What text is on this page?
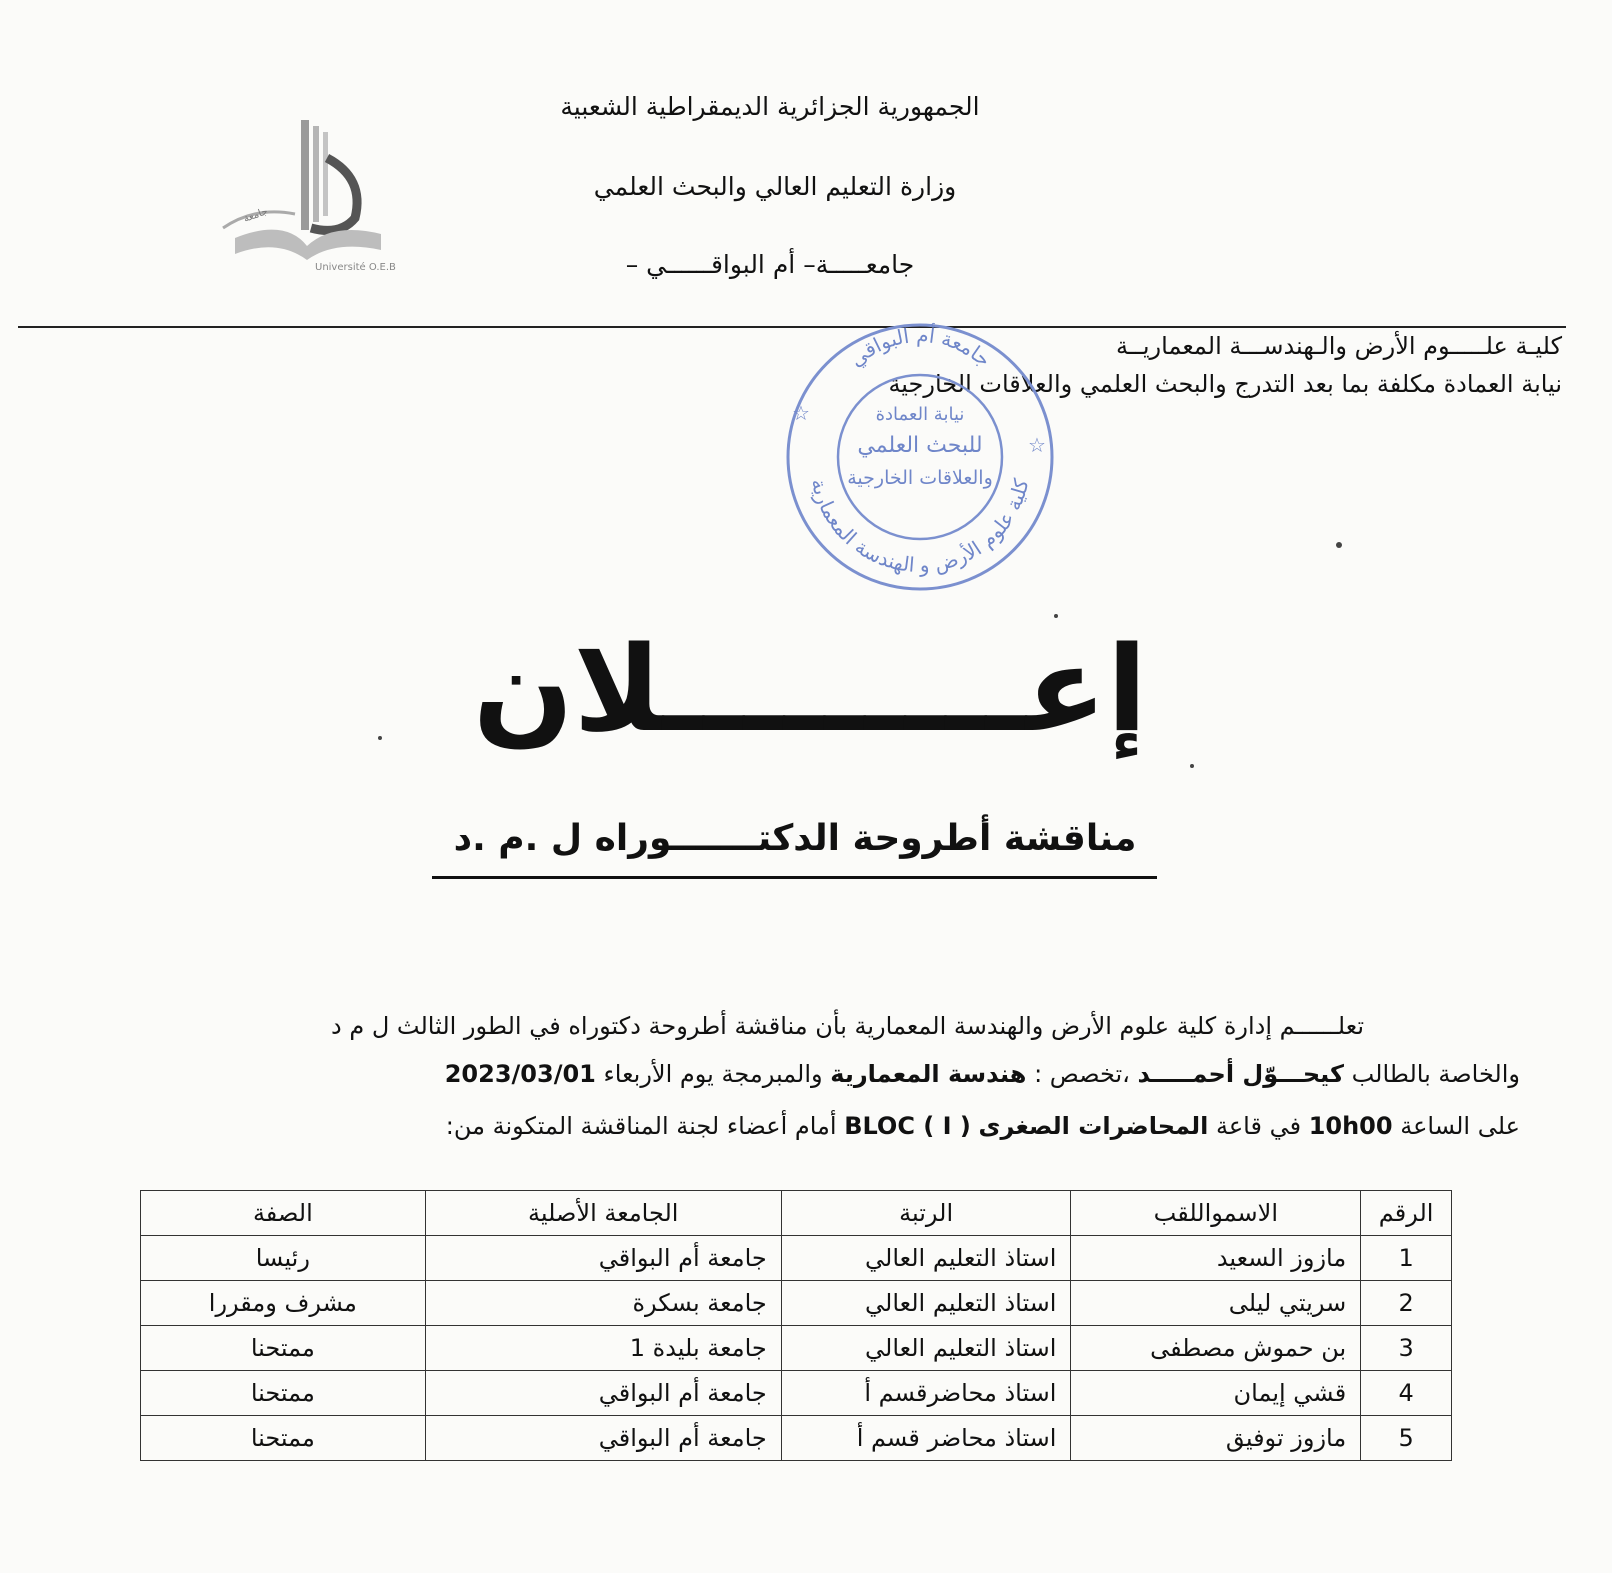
الجمهورية الجزائرية الديمقراطية الشعبية
وزارة التعليم العالي والبحث العلمي
جامعـــــة– أم البواقــــــي –
جامعة
Université O.E.B
كليـة علـــــوم الأرض والـهندســـة المعماريــة
نيابة العمادة مكلفة بما بعد التدرج والبحث العلمي والعلاقات الخارجية
كلية علوم الأرض و الهندسة المعمارية
جامعة أم البواقي
نيابة العمادة
للبحث العلمي
والعلاقات الخارجية
☆
☆
إعـــــــــلان
مناقشة أطروحة الدكتـــــــوراه ل .م .د
تعلــــــم إدارة كلية علوم الأرض والهندسة المعمارية بأن مناقشة أطروحة دكتوراه في الطور الثالث ل م د
والخاصة بالطالب كيحـــوّل أحمـــــد ،تخصص : هندسة المعمارية والمبرمجة يوم الأربعاء 2023/03/01
على الساعة 10h00 في قاعة المحاضرات الصغرى BLOC ( I ) أمام أعضاء لجنة المناقشة المتكونة من:
الرقم	الاسمواللقب	الرتبة	الجامعة الأصلية	الصفة
1	مازوز السعيد	استاذ التعليم العالي	جامعة أم البواقي	رئيسا
2	سريتي ليلى	استاذ التعليم العالي	جامعة بسكرة	مشرف ومقررا
3	بن حموش مصطفى	استاذ التعليم العالي	جامعة بليدة 1	ممتحنا
4	قشي إيمان	استاذ محاضرقسم أ	جامعة أم البواقي	ممتحنا
5	مازوز توفيق	استاذ محاضر قسم أ	جامعة أم البواقي	ممتحنا
